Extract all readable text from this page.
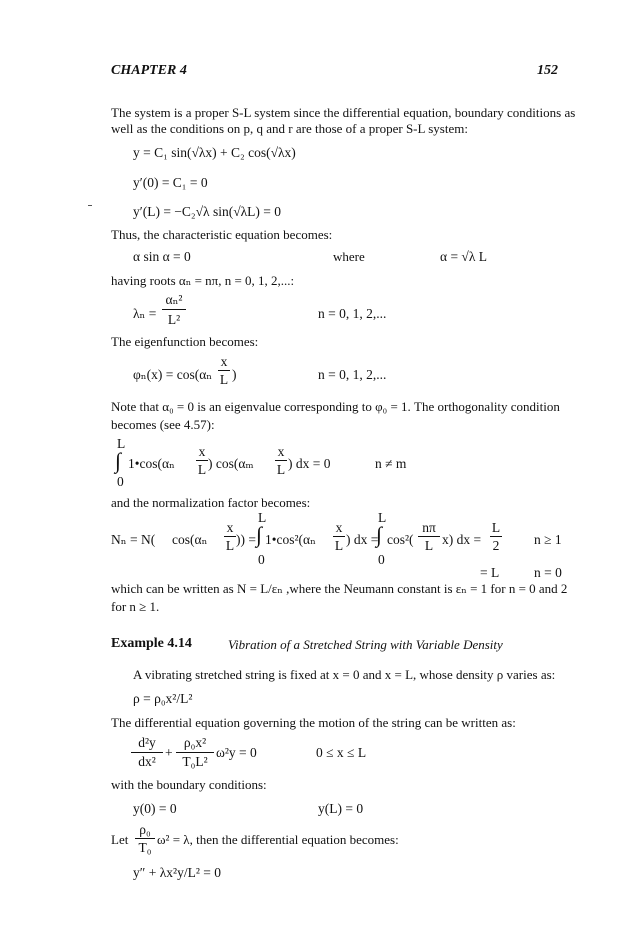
CHAPTER 4	152
The system is a proper S-L system since the differential equation, boundary conditions as
well as the conditions on p, q and r are those of a proper S-L system:
y = C₁ sin(√λx) + C₂ cos(√λx)
y′(0) = C₁ = 0
y′(L) = −C₂√λ sin(√λL) = 0
Thus, the characteristic equation becomes:
α sin α = 0	where	α = √λ L
having roots αₙ = nπ, n = 0, 1, 2,...:
λₙ =
αₙ²
L²	n = 0, 1, 2,...
The eigenfunction becomes:
φₙ(x) = cos(αₙ
x
L )	n = 0, 1, 2,...
Note that α₀ = 0 is an eigenvalue corresponding to φ₀ = 1. The orthogonality condition
becomes (see 4.57):
L
∫
0
1•cos(αₙ
x
L ) cos(αₘ
x
L ) dx = 0	n ≠ m
and the normalization factor becomes:
L	L
Nₙ = N( cos(αₙ
x
L )) = ∫ 1•cos²(αₙ
x
L ) dx =
∫ cos²(
nπ
L x) dx =
L
2	n ≥ 1
0	0
= L	n = 0
which can be written as N = L/εₙ ,where the Neumann constant is εₙ = 1 for n = 0 and 2
for n ≥ 1.
Example 4.14	Vibration of a Stretched String with Variable Density
A vibrating stretched string is fixed at x = 0 and x = L, whose density ρ varies as:
ρ = ρ₀x²/L²
The differential equation governing the motion of the string can be written as:
d²y
dx²
+
ρ₀x²
T₀L²
ω²y = 0	0 ≤ x ≤ L
with the boundary conditions:
y(0) = 0	y(L) = 0
Let
ρ₀
T₀
ω² = λ, then the differential equation becomes:
y″ + λx²y/L² = 0
